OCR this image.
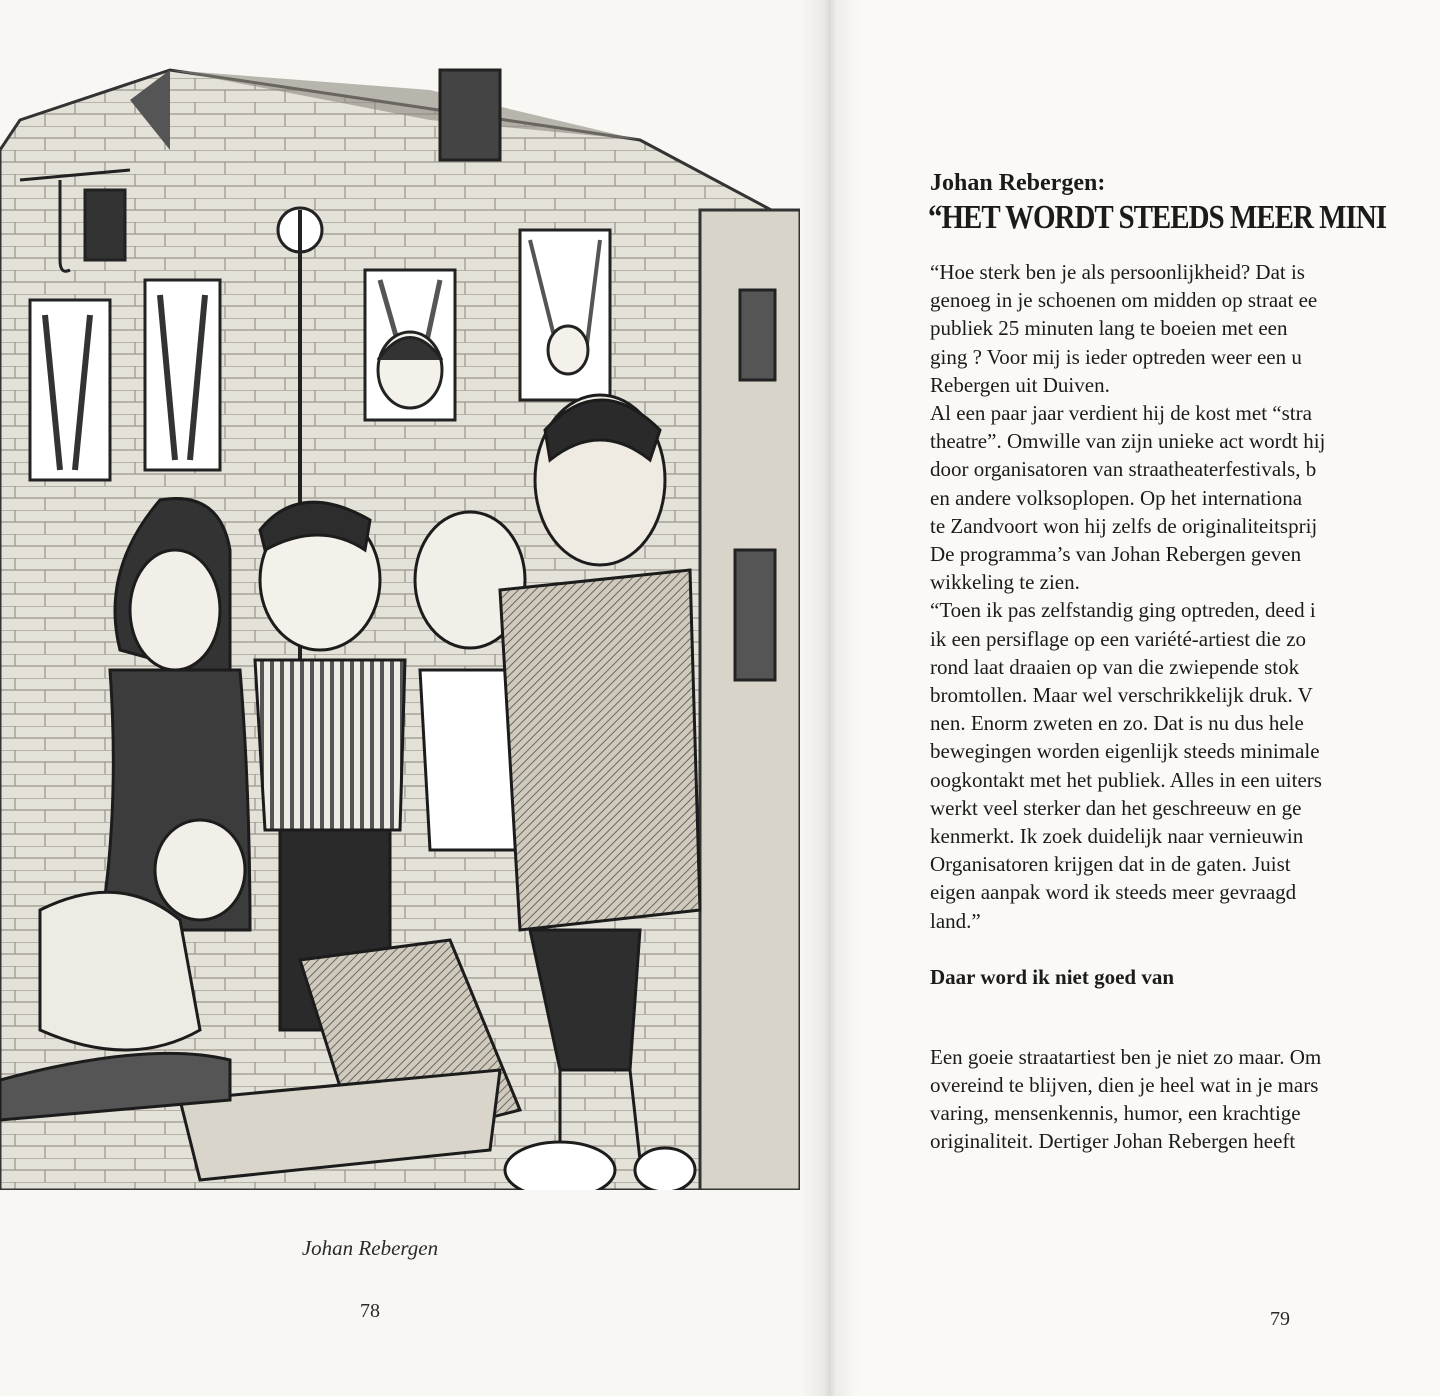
Johan Rebergen
78

Johan Rebergen:

“HET WORDT STEEDS MEER MINI

“Hoe sterk ben je als persoonlijkheid? Dat is
genoeg in je schoenen om midden op straat ee
publiek 25 minuten lang te boeien met een
ging ? Voor mij is ieder optreden weer een u
Rebergen uit Duiven.

Al een paar jaar verdient hij de kost met “stra
theatre”. Omwille van zijn unieke act wordt hij
door organisatoren van straatheaterfestivals, b
en andere volksoplopen. Op het internationa
te Zandvoort won hij zelfs de originaliteitsprij
De programma’s van Johan Rebergen geven
wikkeling te zien.

“Toen ik pas zelfstandig ging optreden, deed i
ik een persiflage op een variété-artiest die zo
rond laat draaien op van die zwiepende stok
bromtollen. Maar wel verschrikkelijk druk. V
nen. Enorm zweten en zo. Dat is nu dus hele
bewegingen worden eigenlijk steeds minimale
oogkontakt met het publiek. Alles in een uiters
werkt veel sterker dan het geschreeuw en ge
kenmerkt. Ik zoek duidelijk naar vernieuwin
Organisatoren krijgen dat in de gaten. Juist
eigen aanpak word ik steeds meer gevraagd
land.”

Daar word ik niet goed van

Een goeie straatartiest ben je niet zo maar. Om
overeind te blijven, dien je heel wat in je mars
varing, mensenkennis, humor, een krachtige
originaliteit. Dertiger Johan Rebergen heeft

79
